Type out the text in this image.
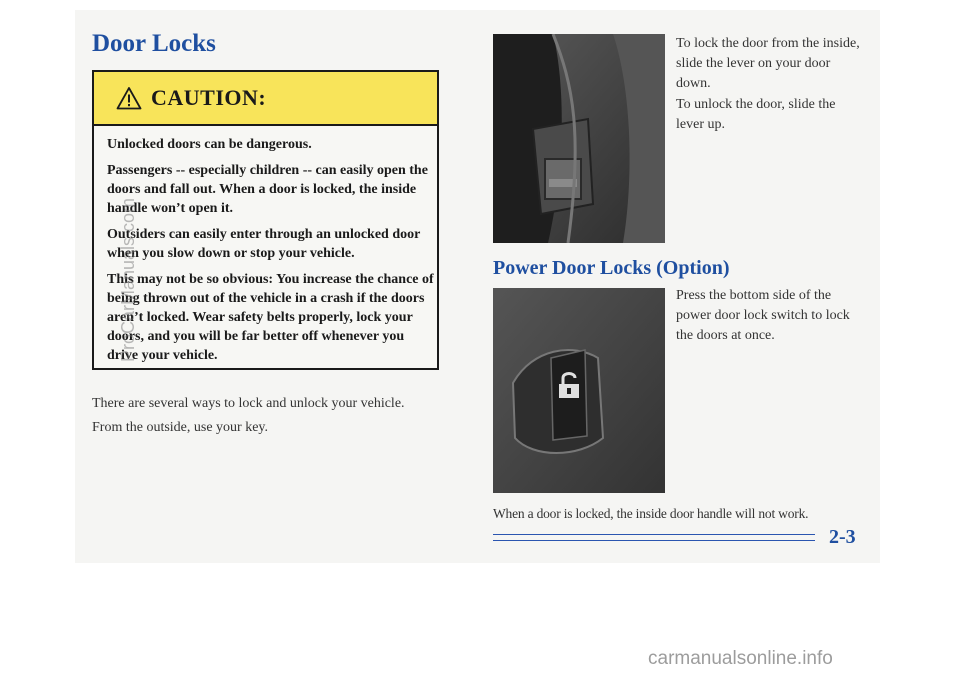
Door Locks
CAUTION:

Unlocked doors can be dangerous.

Passengers -- especially children -- can easily open the doors and fall out. When a door is locked, the inside handle won’t open it.

Outsiders can easily enter through an unlocked door when you slow down or stop your vehicle.

This may not be so obvious: You increase the chance of being thrown out of the vehicle in a crash if the doors aren’t locked. Wear safety belts properly, lock your doors, and you will be far better off whenever you drive your vehicle.

There are several ways to lock and unlock your vehicle.

From the outside, use your key.

To lock the door from the inside, slide the lever on your door down.

To unlock the door, slide the lever up.

Power Door Locks (Option)

Press the bottom side of the power door lock switch to lock the doors at once.

When a door is locked, the inside door handle will not work.

2-3
ProCarManuals.com
carmanualsonline.info
